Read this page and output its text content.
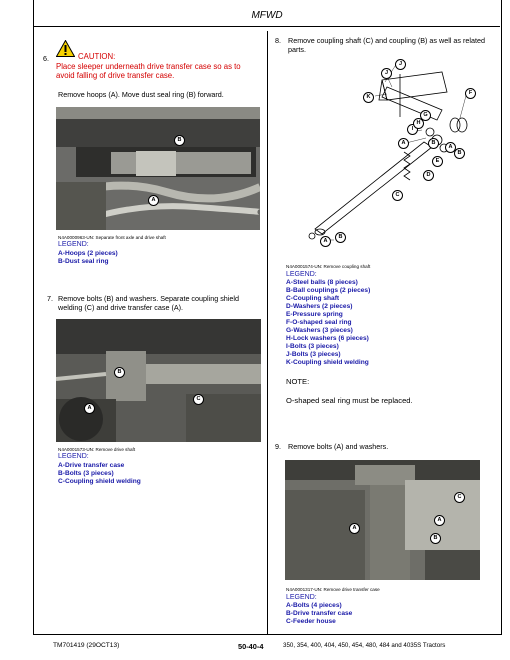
MFWD
6.	CAUTION:
Place sleeper underneath drive transfer case so as to
avoid falling of drive transfer case.
Remove hoops (A). Move dust seal ring (B) forward.
B
A
N4A0000963-UN: Separate front axle and drive shaft
LEGEND:
A-Hoops (2 pieces)
B-Dust seal ring
7. Remove bolts (B) and washers. Separate coupling shield
welding (C) and drive transfer case (A).
B
C
A
N4A0001573-UN: Remove drive shaft
LEGEND:
A-Drive transfer case
B-Bolts (3 pieces)
C-Coupling shield welding
8. Remove coupling shaft (C) and coupling (B) as well as related
parts.
J
J
F
K
I
H
G
A	B
A
B
E
D
C
A
B
N4A0001574-UN: Remove coupling shaft
LEGEND:
A-Steel balls (8 pieces)
B-Ball couplings (2 pieces)
C-Coupling shaft
D-Washers (2 pieces)
E-Pressure spring
F-O-shaped seal ring
G-Washers (3 pieces)
H-Lock washers (6 pieces)
I-Bolts (3 pieces)
J-Bolts (3 pieces)
K-Coupling shield welding
NOTE:
O-shaped seal ring must be replaced.
9. Remove bolts (A) and washers.
C
A
B
A
N4A0001317-UN: Remove drive transfer case
LEGEND:
A-Bolts (4 pieces)
B-Drive transfer case
C-Feeder house
TM701419 (29OCT13)	50-40-4	350, 354, 400, 404, 450, 454, 480, 484 and 4035S Tractors
